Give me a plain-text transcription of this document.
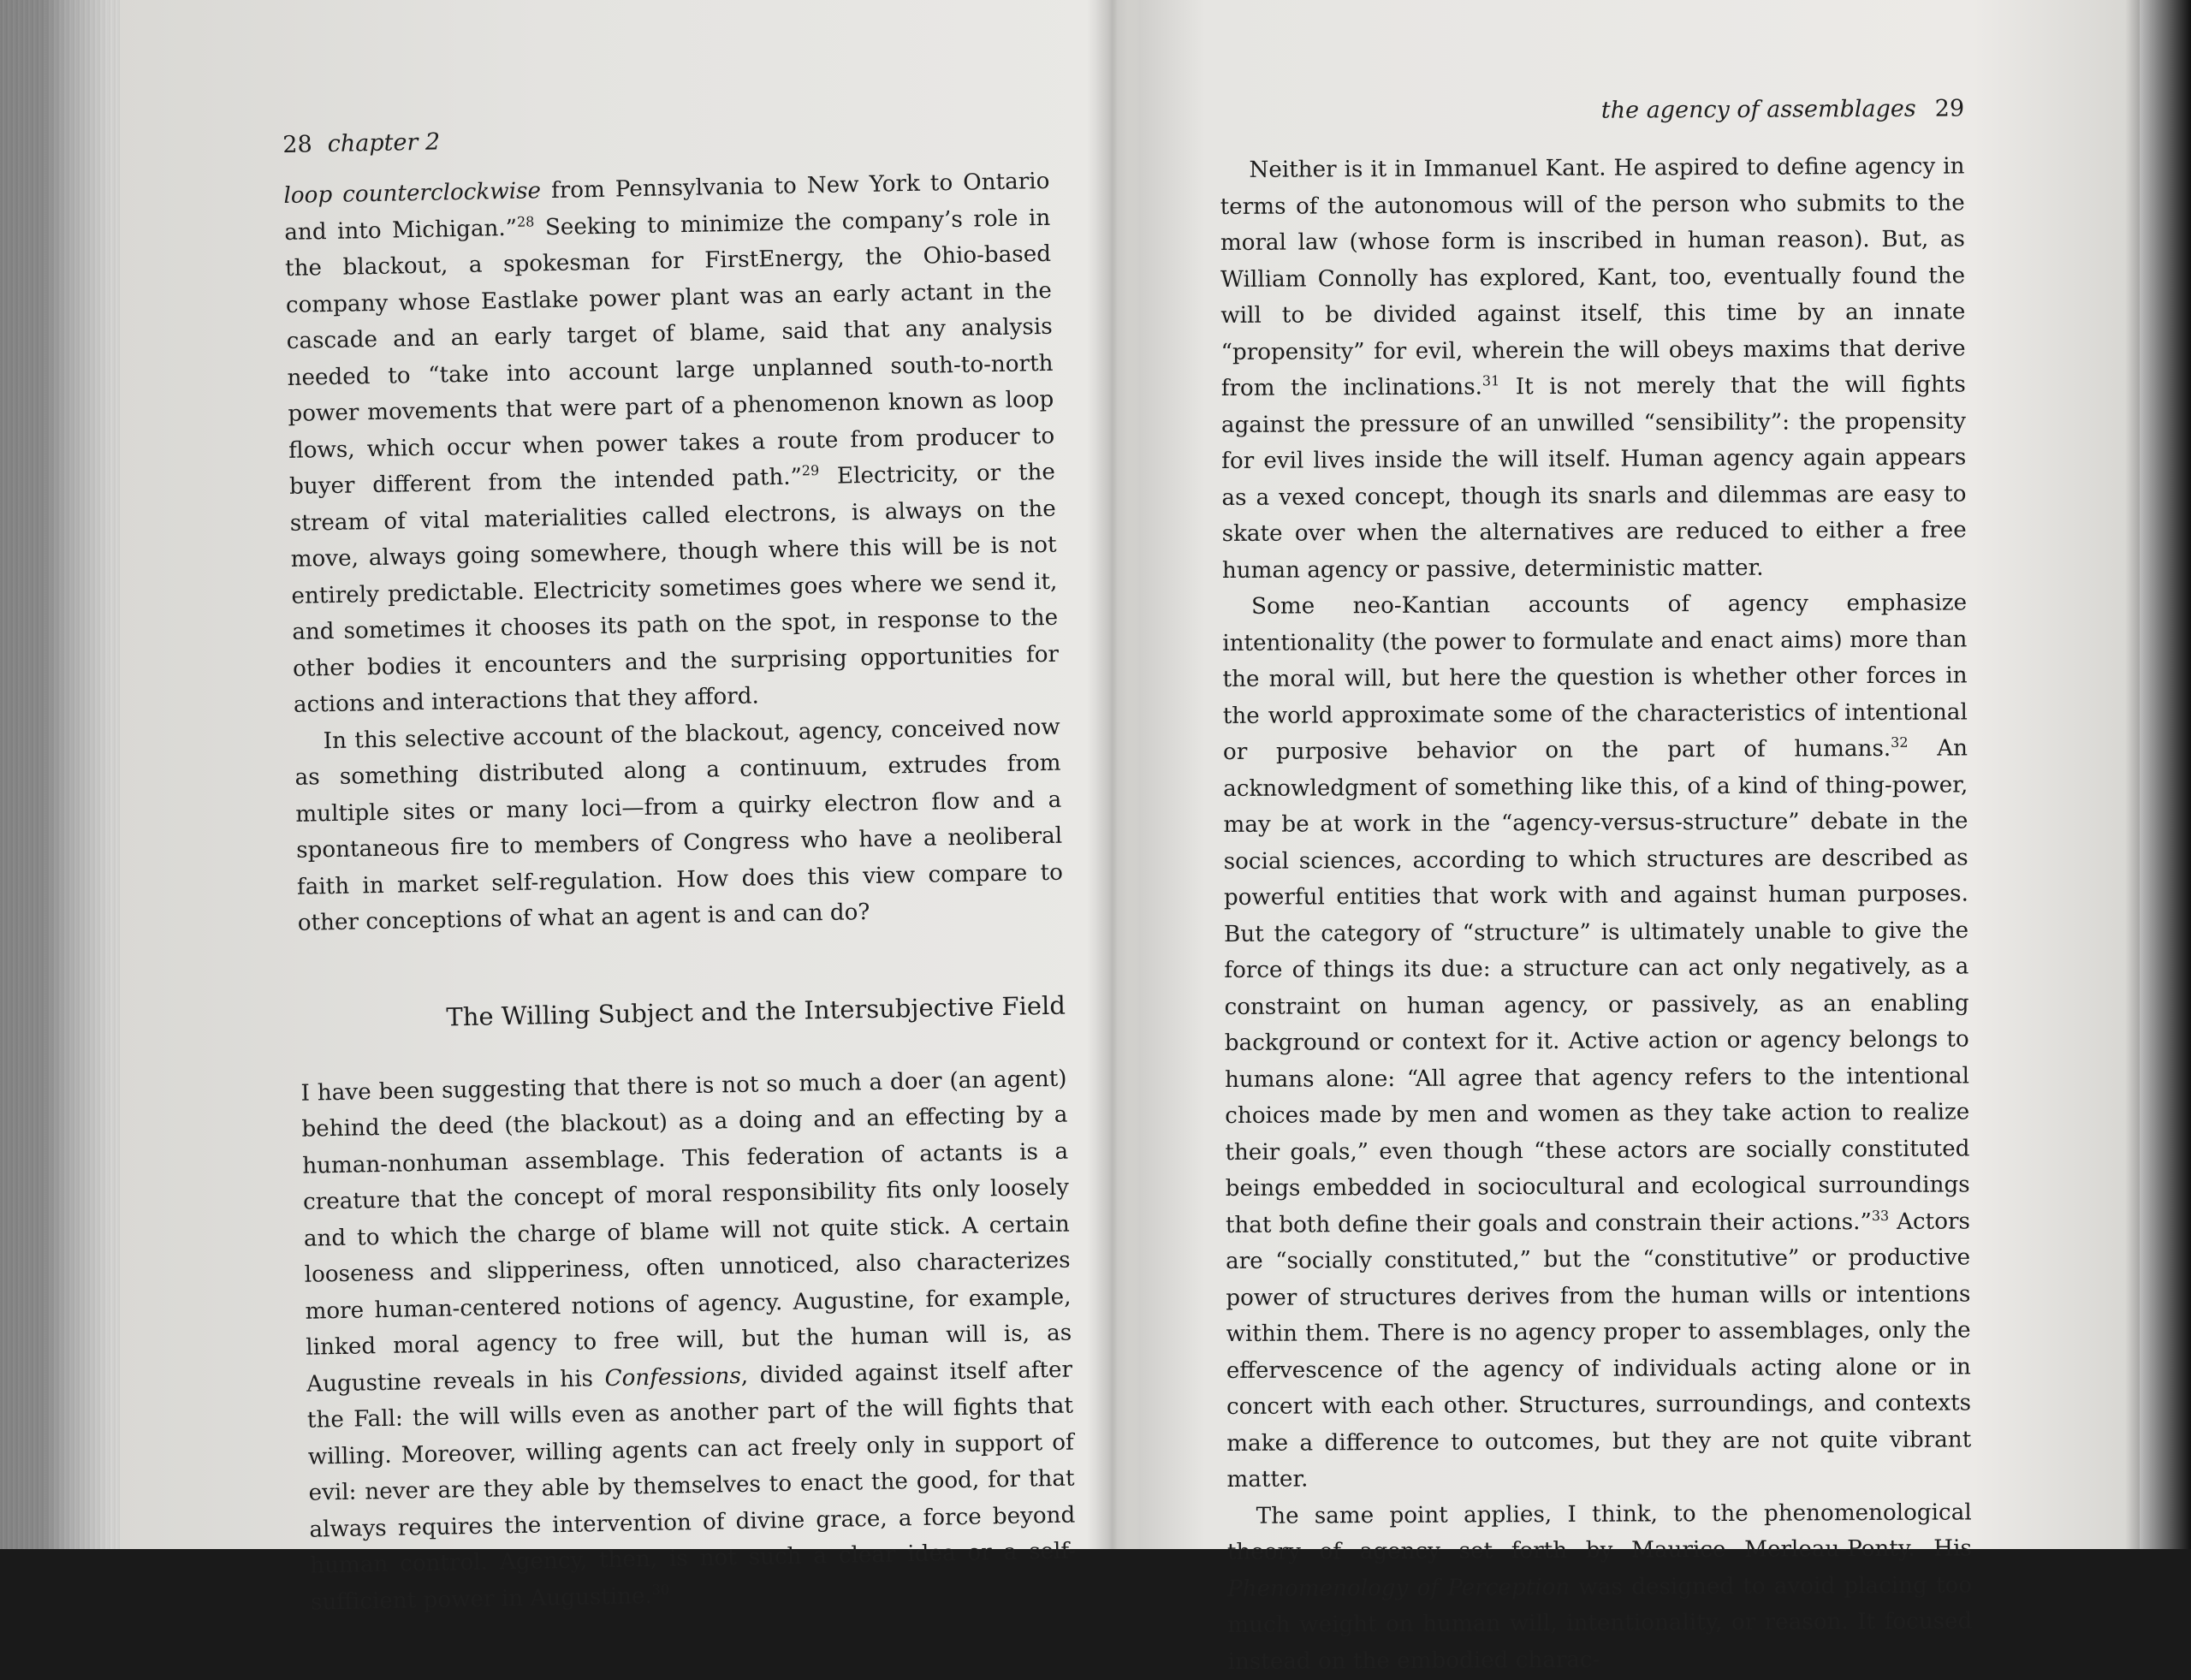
28 chapter 2

loop counterclockwise from Pennsylvania to New York to Ontario and into Michigan.”$^{28}$ Seeking to minimize the company’s role in the blackout, a spokesman for FirstEnergy, the Ohio-based company whose Eastlake power plant was an early actant in the cascade and an early target of blame, said that any analysis needed to “take into account large unplanned south-to-north power movements that were part of a phenomenon known as loop flows, which occur when power takes a route from producer to buyer different from the intended path.”$^{29}$ Electricity, or the stream of vital materialities called electrons, is always on the move, always going somewhere, though where this will be is not entirely predictable. Electricity sometimes goes where we send it, and sometimes it chooses its path on the spot, in response to the other bodies it encounters and the surprising opportunities for actions and interactions that they afford.

In this selective account of the blackout, agency, conceived now as something distributed along a continuum, extrudes from multiple sites or many loci—from a quirky electron flow and a spontaneous fire to members of Congress who have a neoliberal faith in market self-regulation. How does this view compare to other conceptions of what an agent is and can do?

The Willing Subject and the Intersubjective Field

I have been suggesting that there is not so much a doer (an agent) behind the deed (the blackout) as a doing and an effecting by a human-nonhuman assemblage. This federation of actants is a creature that the concept of moral responsibility fits only loosely and to which the charge of blame will not quite stick. A certain looseness and slipperiness, often unnoticed, also characterizes more human-centered notions of agency. Augustine, for example, linked moral agency to free will, but the human will is, as Augustine reveals in his Confessions, divided against itself after the Fall: the will wills even as another part of the will fights that willing. Moreover, willing agents can act freely only in support of evil: never are they able by themselves to enact the good, for that always requires the intervention of divine grace, a force beyond human control. Agency, then, is not such a clear idea or a self-sufficient power in Augustine.$^{30}$

the agency of assemblages 29

Neither is it in Immanuel Kant. He aspired to define agency in terms of the autonomous will of the person who submits to the moral law (whose form is inscribed in human reason). But, as William Connolly has explored, Kant, too, eventually found the will to be divided against itself, this time by an innate “propensity” for evil, wherein the will obeys maxims that derive from the inclinations.$^{31}$ It is not merely that the will fights against the pressure of an unwilled “sensibility”: the propensity for evil lives inside the will itself. Human agency again appears as a vexed concept, though its snarls and dilemmas are easy to skate over when the alternatives are reduced to either a free human agency or passive, deterministic matter.

Some neo-Kantian accounts of agency emphasize intentionality (the power to formulate and enact aims) more than the moral will, but here the question is whether other forces in the world approximate some of the characteristics of intentional or purposive behavior on the part of humans.$^{32}$ An acknowledgment of something like this, of a kind of thing-power, may be at work in the “agency-versus-structure” debate in the social sciences, according to which structures are described as powerful entities that work with and against human purposes. But the category of “structure” is ultimately unable to give the force of things its due: a structure can act only negatively, as a constraint on human agency, or passively, as an enabling background or context for it. Active action or agency belongs to humans alone: “All agree that agency refers to the intentional choices made by men and women as they take action to realize their goals,” even though “these actors are socially constituted beings embedded in sociocultural and ecological surroundings that both define their goals and constrain their actions.”$^{33}$ Actors are “socially constituted,” but the “constitutive” or productive power of structures derives from the human wills or intentions within them. There is no agency proper to assemblages, only the effervescence of the agency of individuals acting alone or in concert with each other. Structures, surroundings, and contexts make a difference to outcomes, but they are not quite vibrant matter.

The same point applies, I think, to the phenomenological theory of agency set forth by Maurice Merleau-Ponty. His Phenomenology of Perception was designed to avoid placing too much weight on human will, intentionality, or reason. It focused instead on the embodied charac-
